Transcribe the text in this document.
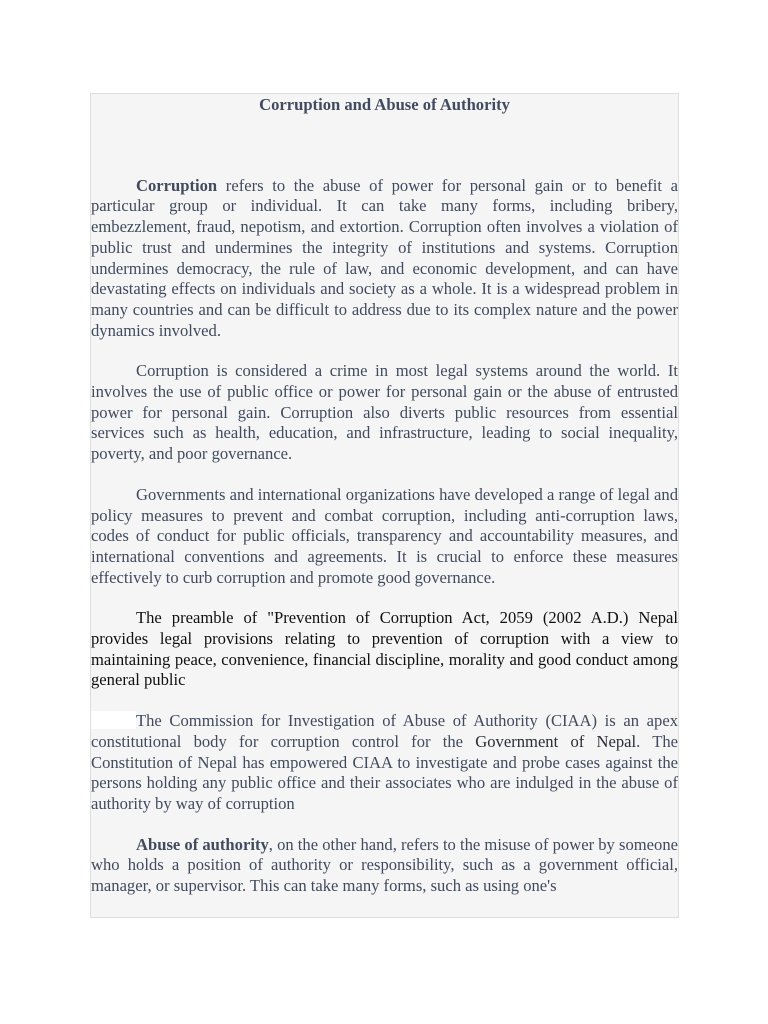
Corruption and Abuse of Authority

Corruption refers to the abuse of power for personal gain or to benefit a particular group or individual. It can take many forms, including bribery, embezzlement, fraud, nepotism, and extortion. Corruption often involves a violation of public trust and undermines the integrity of institutions and systems. Corruption undermines democracy, the rule of law, and economic development, and can have devastating effects on individuals and society as a whole. It is a widespread problem in many countries and can be difficult to address due to its complex nature and the power dynamics involved.

Corruption is considered a crime in most legal systems around the world. It involves the use of public office or power for personal gain or the abuse of entrusted power for personal gain. Corruption also diverts public resources from essential services such as health, education, and infrastructure, leading to social inequality, poverty, and poor governance.

Governments and international organizations have developed a range of legal and policy measures to prevent and combat corruption, including anti-corruption laws, codes of conduct for public officials, transparency and accountability measures, and international conventions and agreements. It is crucial to enforce these measures effectively to curb corruption and promote good governance.

The preamble of "Prevention of Corruption Act, 2059 (2002 A.D.) Nepal provides legal provisions relating to prevention of corruption with a view to maintaining peace, convenience, financial discipline, morality and good conduct among general public

The Commission for Investigation of Abuse of Authority (CIAA) is an apex constitutional body for corruption control for the Government of Nepal. The Constitution of Nepal has empowered CIAA to investigate and probe cases against the persons holding any public office and their associates who are indulged in the abuse of authority by way of corruption

Abuse of authority, on the other hand, refers to the misuse of power by someone who holds a position of authority or responsibility, such as a government official, manager, or supervisor. This can take many forms, such as using one's
